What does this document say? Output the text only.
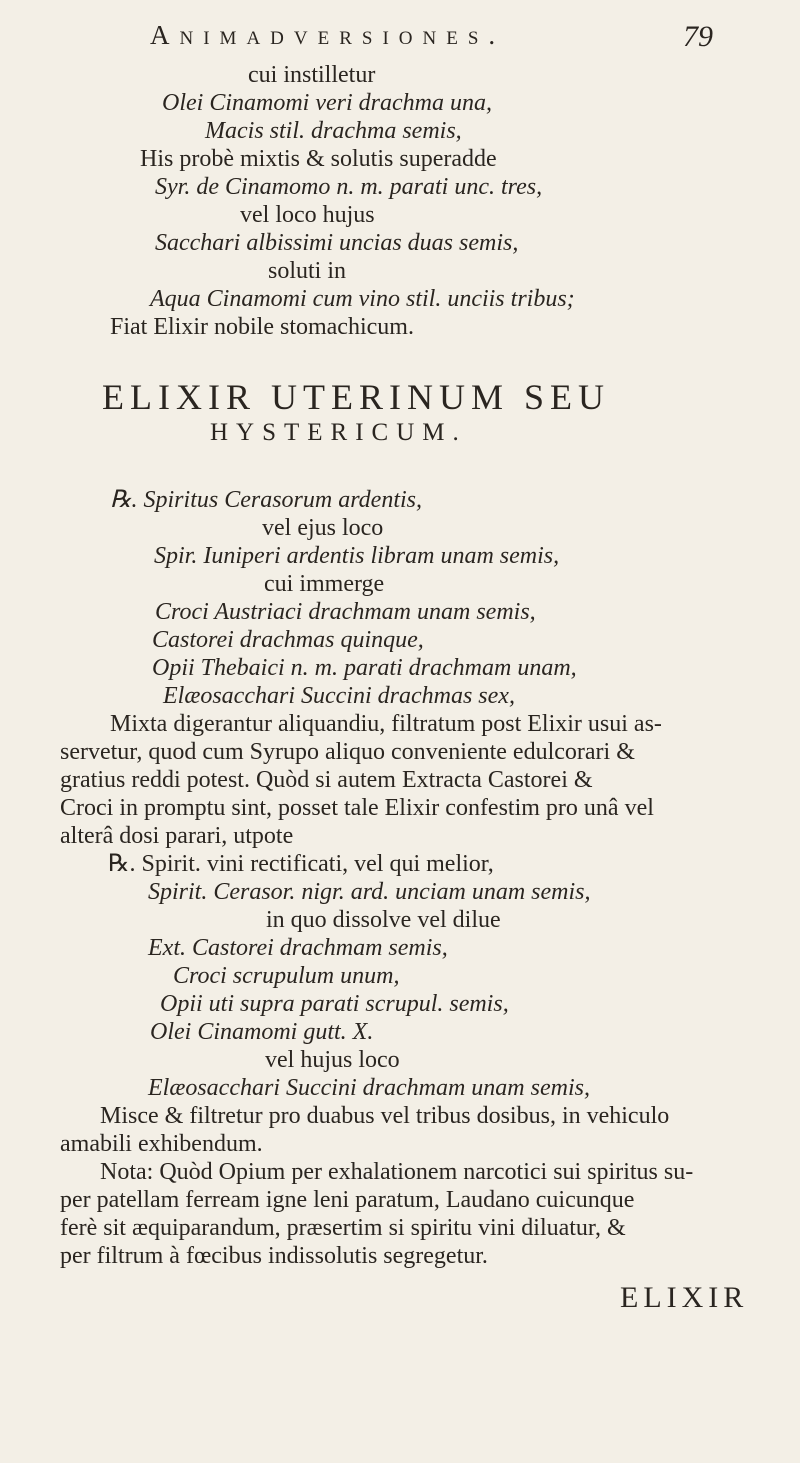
Animadversiones.	79
cui instilletur
Olei Cinamomi veri drachma una,
Macis stil. drachma semis,
His probè mixtis & solutis superadde
Syr. de Cinamomo n. m. parati unc. tres,
vel loco hujus
Sacchari albissimi uncias duas semis,
soluti in
Aqua Cinamomi cum vino stil. unciis tribus;
Fiat Elixir nobile stomachicum.
ELIXIR UTERINUM SEU
HYSTERICUM.
℞. Spiritus Cerasorum ardentis,
vel ejus loco
Spir. Iuniperi ardentis libram unam semis,
cui immerge
Croci Austriaci drachmam unam semis,
Castorei drachmas quinque,
Opii Thebaici n. m. parati drachmam unam,
Elæosacchari Succini drachmas sex,
Mixta digerantur aliquandiu, filtratum post Elixir usui as-
servetur, quod cum Syrupo aliquo conveniente edulcorari &
gratius reddi potest. Quòd si autem Extracta Castorei &
Croci in promptu sint, posset tale Elixir confestim pro unâ vel
alterâ dosi parari, utpote
℞. Spirit. vini rectificati, vel qui melior,
Spirit. Cerasor. nigr. ard. unciam unam semis,
in quo dissolve vel dilue
Ext. Castorei drachmam semis,
Croci scrupulum unum,
Opii uti supra parati scrupul. semis,
Olei Cinamomi gutt. X.
vel hujus loco
Elæosacchari Succini drachmam unam semis,
Misce & filtretur pro duabus vel tribus dosibus, in vehiculo
amabili exhibendum.
Nota: Quòd Opium per exhalationem narcotici sui spiritus su-
per patellam ferream igne leni paratum, Laudano cuicunque
ferè sit æquiparandum, præsertim si spiritu vini diluatur, &
per filtrum à fœcibus indissolutis segregetur.
ELIXIR
